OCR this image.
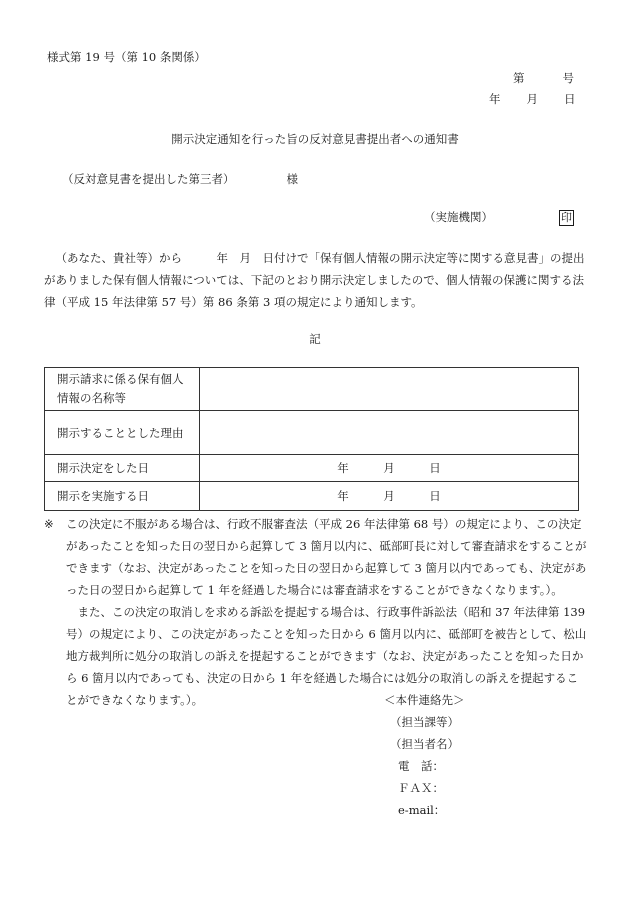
様式第 19 号（第 10 条関係）
第	号
年 月 日
開示決定通知を行った旨の反対意見書提出者への通知書
（反対意見書を提出した第三者）	様
（実施機関）	印

（あなた、貴社等）から　　　年　月　日付けで「保有個人情報の開示決定等に関する意見書」の提出がありました保有個人情報については、下記のとおり開示決定しましたので、個人情報の保護に関する法律（平成 15 年法律第 57 号）第 86 条第 3 項の規定により通知します。

記
開示請求に係る保有個人情報の名称等	
開示することとした理由	
開示決定をした日	年　　　月　　　日
開示を実施する日	年　　　月　　　日
※ この決定に不服がある場合は、行政不服審査法（平成 26 年法律第 68 号）の規定により、この決定があったことを知った日の翌日から起算して 3 箇月以内に、砥部町長に対して審査請求をすることができます（なお、決定があったことを知った日の翌日から起算して 3 箇月以内であっても、決定があった日の翌日から起算して 1 年を経過した場合には審査請求をすることができなくなります。）。

また、この決定の取消しを求める訴訟を提起する場合は、行政事件訴訟法（昭和 37 年法律第 139 号）の規定により、この決定があったことを知った日から 6 箇月以内に、砥部町を被告として、松山地方裁判所に処分の取消しの訴えを提起することができます（なお、決定があったことを知った日から 6 箇月以内であっても、決定の日から 1 年を経過した場合には処分の取消しの訴えを提起することができなくなります。）。	＜本件連絡先＞
（担当課等）
（担当者名）
電　話：
ＦＡＸ：
e-mail：
